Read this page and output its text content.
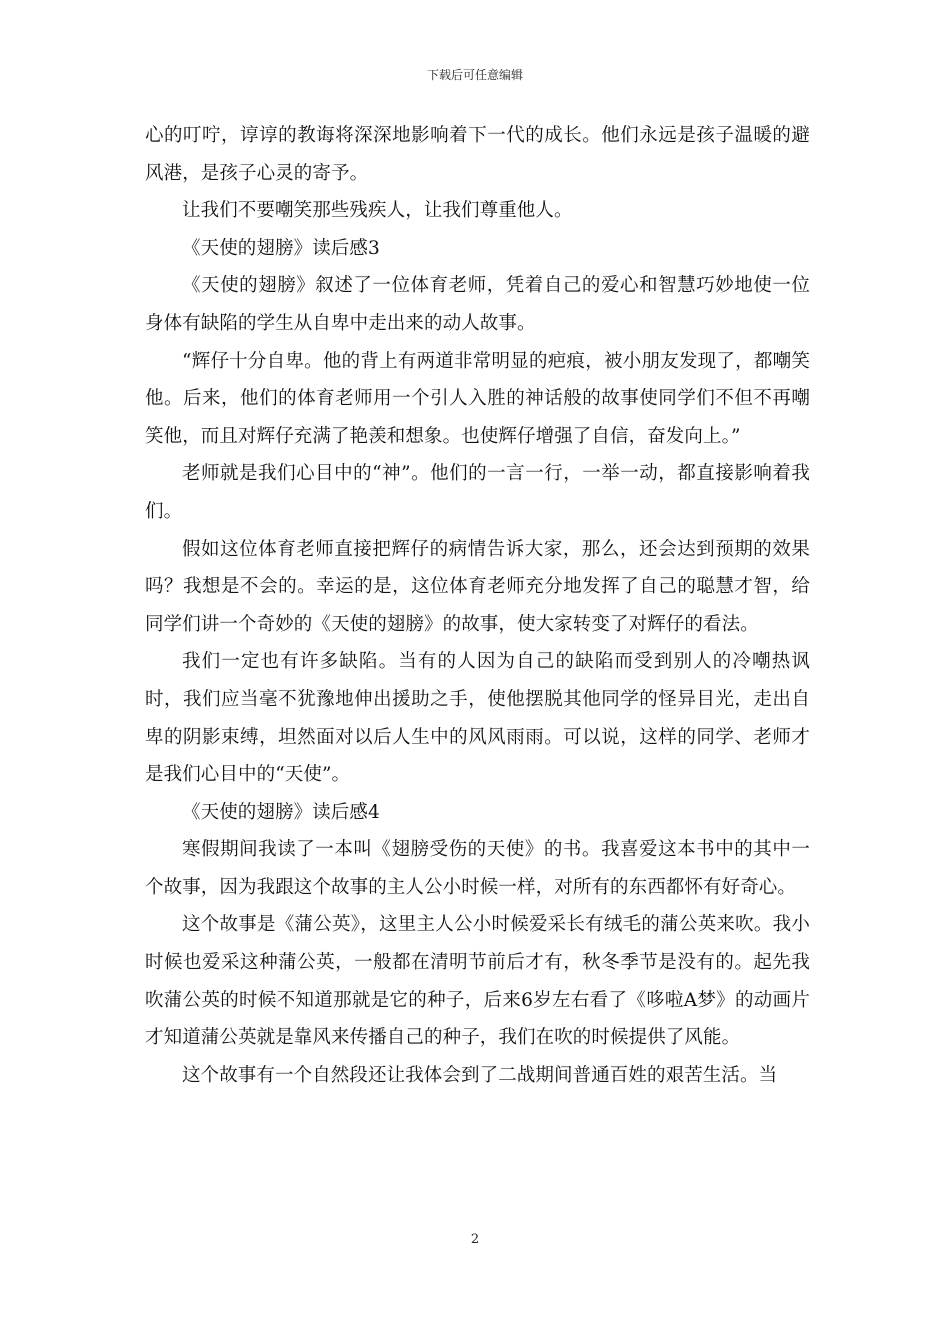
下载后可任意编辑

心的叮咛，谆谆的教诲将深深地影响着下一代的成长。他们永远是孩子温暖的避风港，是孩子心灵的寄予。

让我们不要嘲笑那些残疾人，让我们尊重他人。

《天使的翅膀》读后感3

《天使的翅膀》叙述了一位体育老师，凭着自己的爱心和智慧巧妙地使一位身体有缺陷的学生从自卑中走出来的动人故事。

“辉仔十分自卑。他的背上有两道非常明显的疤痕，被小朋友发现了，都嘲笑他。后来，他们的体育老师用一个引人入胜的神话般的故事使同学们不但不再嘲笑他，而且对辉仔充满了艳羡和想象。也使辉仔增强了自信，奋发向上。”

老师就是我们心目中的“神”。他们的一言一行，一举一动，都直接影响着我们。

假如这位体育老师直接把辉仔的病情告诉大家，那么，还会达到预期的效果吗？我想是不会的。幸运的是，这位体育老师充分地发挥了自己的聪慧才智，给同学们讲一个奇妙的《天使的翅膀》的故事，使大家转变了对辉仔的看法。

我们一定也有许多缺陷。当有的人因为自己的缺陷而受到别人的冷嘲热讽时，我们应当毫不犹豫地伸出援助之手，使他摆脱其他同学的怪异目光，走出自卑的阴影束缚，坦然面对以后人生中的风风雨雨。可以说，这样的同学、老师才是我们心目中的“天使”。

《天使的翅膀》读后感4

寒假期间我读了一本叫《翅膀受伤的天使》的书。我喜爱这本书中的其中一个故事，因为我跟这个故事的主人公小时候一样，对所有的东西都怀有好奇心。

这个故事是《蒲公英》，这里主人公小时候爱采长有绒毛的蒲公英来吹。我小时候也爱采这种蒲公英，一般都在清明节前后才有，秋冬季节是没有的。起先我吹蒲公英的时候不知道那就是它的种子，后来6岁左右看了《哆啦A梦》的动画片才知道蒲公英就是靠风来传播自己的种子，我们在吹的时候提供了风能。

这个故事有一个自然段还让我体会到了二战期间普通百姓的艰苦生活。当

2
